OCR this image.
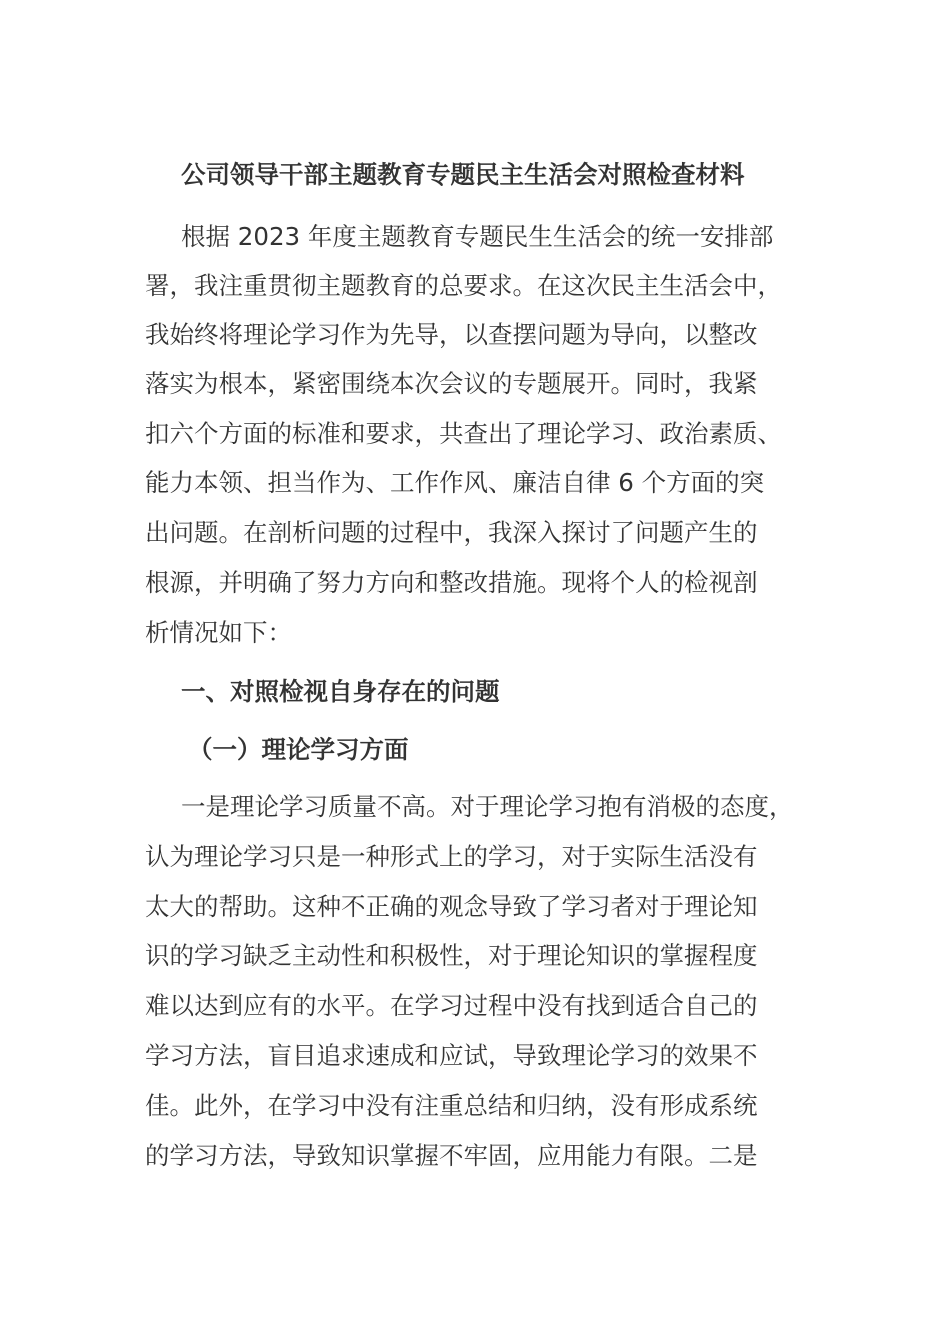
公司领导干部主题教育专题民主生活会对照检查材料
根据 2023 年度主题教育专题民生生活会的统一安排部
署，我注重贯彻主题教育的总要求。在这次民主生活会中，
我始终将理论学习作为先导，以查摆问题为导向，以整改
落实为根本，紧密围绕本次会议的专题展开。同时，我紧
扣六个方面的标准和要求，共查出了理论学习、政治素质、
能力本领、担当作为、工作作风、廉洁自律 6 个方面的突
出问题。在剖析问题的过程中，我深入探讨了问题产生的
根源，并明确了努力方向和整改措施。现将个人的检视剖
析情况如下：
一、对照检视自身存在的问题
（一）理论学习方面
一是理论学习质量不高。对于理论学习抱有消极的态度，
认为理论学习只是一种形式上的学习，对于实际生活没有
太大的帮助。这种不正确的观念导致了学习者对于理论知
识的学习缺乏主动性和积极性，对于理论知识的掌握程度
难以达到应有的水平。在学习过程中没有找到适合自己的
学习方法，盲目追求速成和应试，导致理论学习的效果不
佳。此外，在学习中没有注重总结和归纳，没有形成系统
的学习方法，导致知识掌握不牢固，应用能力有限。二是
